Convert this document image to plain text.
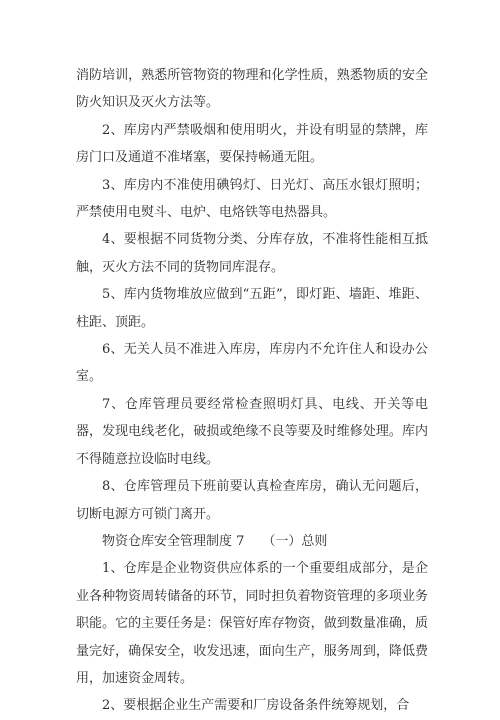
消防培训，熟悉所管物资的物理和化学性质，熟悉物质的安全防火知识及灭火方法等。

2、库房内严禁吸烟和使用明火，并设有明显的禁牌，库房门口及通道不准堵塞，要保持畅通无阻。

3、库房内不准使用碘钨灯、日光灯、高压水银灯照明；严禁使用电熨斗、电炉、电烙铁等电热器具。

4、要根据不同货物分类、分库存放，不准将性能相互抵触，灭火方法不同的货物同库混存。

5、库内货物堆放应做到“五距”，即灯距、墙距、堆距、柱距、顶距。

6、无关人员不准进入库房，库房内不允许住人和设办公室。

7、仓库管理员要经常检查照明灯具、电线、开关等电器，发现电线老化，破损或绝缘不良等要及时维修处理。库内不得随意拉设临时电线。

8、仓库管理员下班前要认真检查库房，确认无问题后，切断电源方可锁门离开。

物资仓库安全管理制度 7 （一）总则

1、仓库是企业物资供应体系的一个重要组成部分，是企业各种物资周转储备的环节，同时担负着物资管理的多项业务职能。它的主要任务是：保管好库存物资，做到数量准确，质量完好，确保安全，收发迅速，面向生产，服务周到，降低费用，加速资金周转。

2、要根据企业生产需要和厂房设备条件统筹规划，合
